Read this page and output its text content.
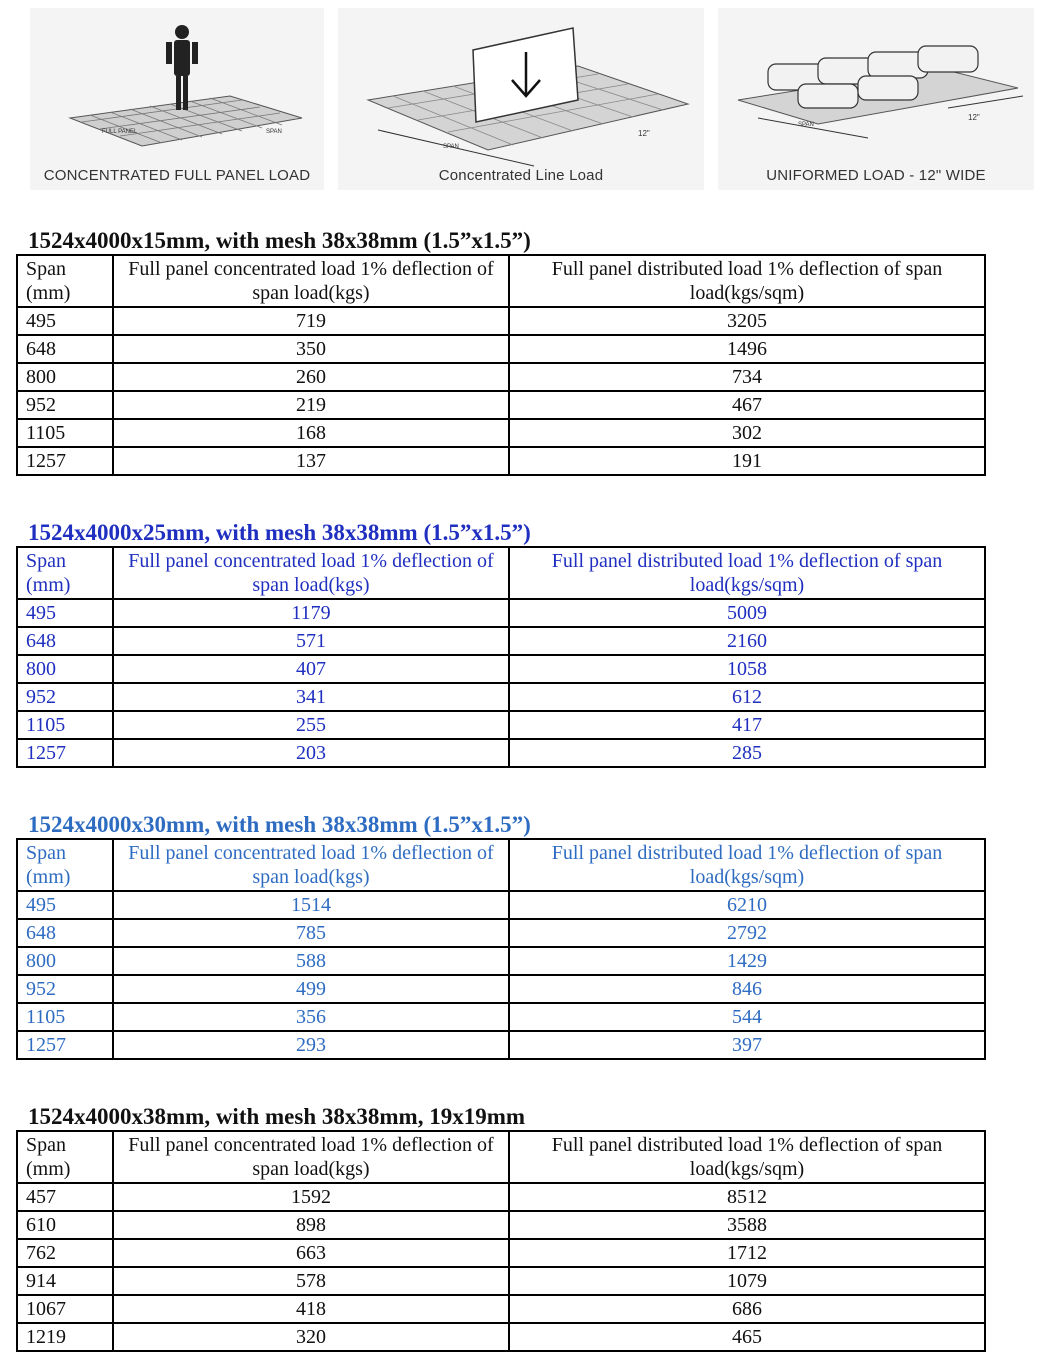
FULL PANEL	SPAN
CONCENTRATED FULL PANEL LOAD
SPAN
12"
Concentrated Line Load
SPAN
12"
UNIFORMED LOAD - 12" WIDE
1524x4000x15mm, with mesh 38x38mm (1.5”x1.5”)
Span (mm)	Full panel concentrated load 1% deflection of span load(kgs)	Full panel distributed load 1% deflection of span load(kgs/sqm)
495	719	3205
648	350	1496
800	260	734
952	219	467
1105	168	302
1257	137	191
1524x4000x25mm, with mesh 38x38mm (1.5”x1.5”)
Span (mm)	Full panel concentrated load 1% deflection of span load(kgs)	Full panel distributed load 1% deflection of span load(kgs/sqm)
495	1179	5009
648	571	2160
800	407	1058
952	341	612
1105	255	417
1257	203	285
1524x4000x30mm, with mesh 38x38mm (1.5”x1.5”)
Span (mm)	Full panel concentrated load 1% deflection of span load(kgs)	Full panel distributed load 1% deflection of span load(kgs/sqm)
495	1514	6210
648	785	2792
800	588	1429
952	499	846
1105	356	544
1257	293	397
1524x4000x38mm, with mesh 38x38mm, 19x19mm
Span (mm)	Full panel concentrated load 1% deflection of span load(kgs)	Full panel distributed load 1% deflection of span load(kgs/sqm)
457	1592	8512
610	898	3588
762	663	1712
914	578	1079
1067	418	686
1219	320	465
